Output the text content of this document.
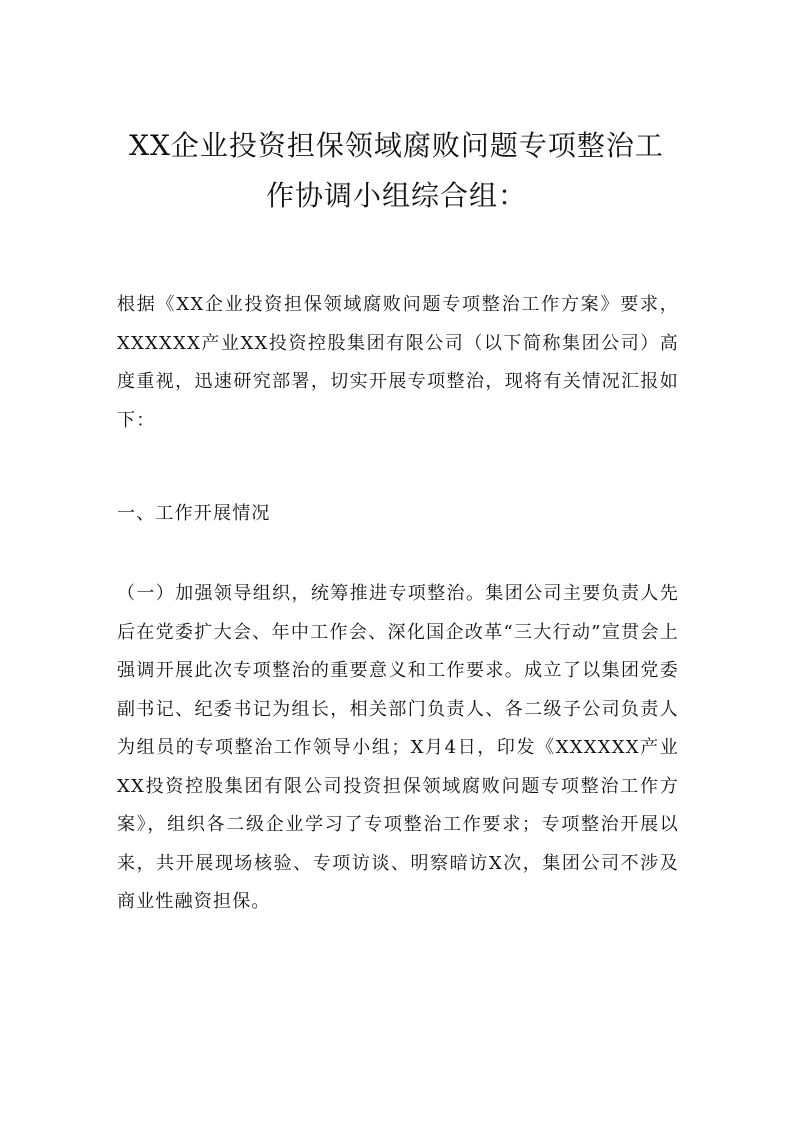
XX企业投资担保领域腐败问题专项整治工
作协调小组综合组：

根据《XX企业投资担保领域腐败问题专项整治工作方案》要求，XXXXXX产业XX投资控股集团有限公司（以下简称集团公司）高度重视，迅速研究部署，切实开展专项整治，现将有关情况汇报如下：

一、工作开展情况

（一）加强领导组织，统筹推进专项整治。集团公司主要负责人先后在党委扩大会、年中工作会、深化国企改革“三大行动”宣贯会上强调开展此次专项整治的重要意义和工作要求。成立了以集团党委副书记、纪委书记为组长，相关部门负责人、各二级子公司负责人为组员的专项整治工作领导小组；X月4日，印发《XXXXXX产业XX投资控股集团有限公司投资担保领域腐败问题专项整治工作方案》，组织各二级企业学习了专项整治工作要求；专项整治开展以来，共开展现场核验、专项访谈、明察暗访X次，集团公司不涉及商业性融资担保。
